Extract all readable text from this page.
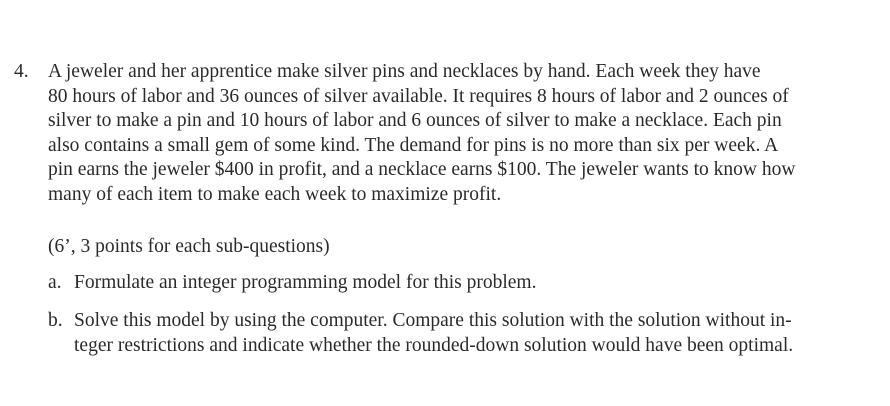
4. A jeweler and her apprentice make silver pins and necklaces by hand. Each week they have
80 hours of labor and 36 ounces of silver available. It requires 8 hours of labor and 2 ounces of
silver to make a pin and 10 hours of labor and 6 ounces of silver to make a necklace. Each pin
also contains a small gem of some kind. The demand for pins is no more than six per week. A
pin earns the jeweler $400 in profit, and a necklace earns $100. The jeweler wants to know how
many of each item to make each week to maximize profit.
(6’, 3 points for each sub-questions)
a. Formulate an integer programming model for this problem.
b. Solve this model by using the computer. Compare this solution with the solution without in-
teger restrictions and indicate whether the rounded-down solution would have been optimal.
